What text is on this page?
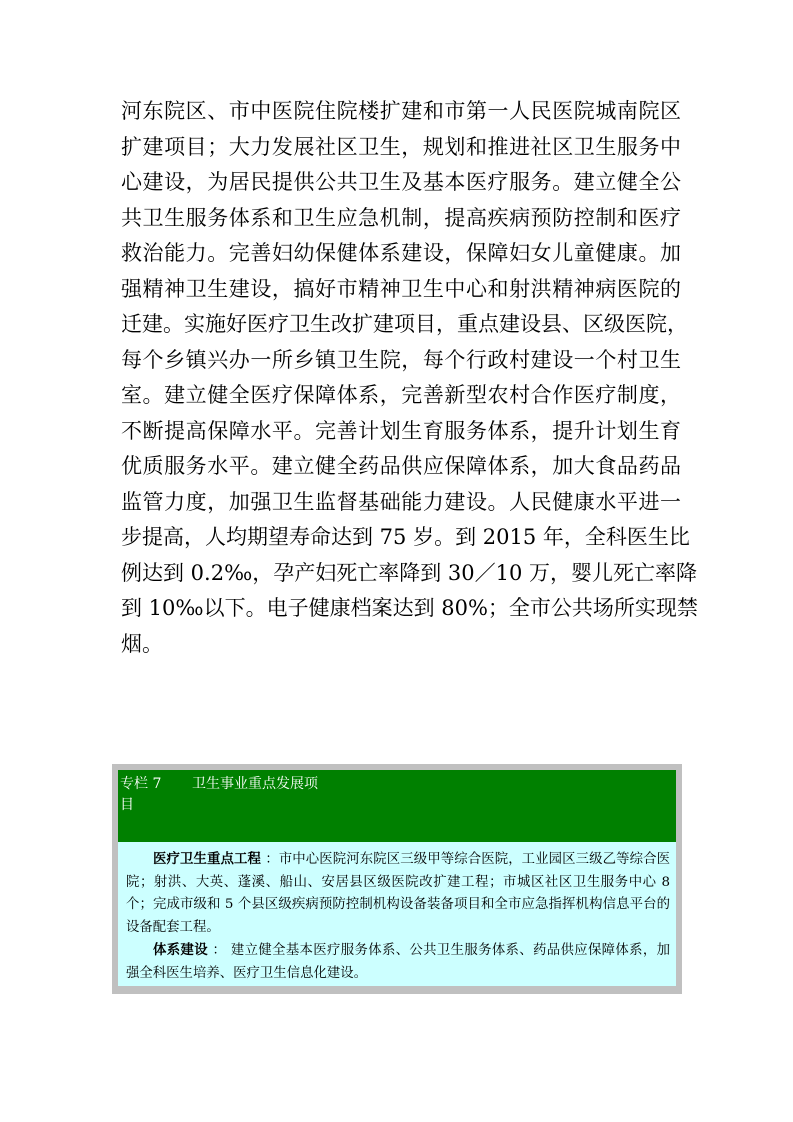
河东院区、市中医院住院楼扩建和市第一人民医院城南院区
扩建项目；大力发展社区卫生，规划和推进社区卫生服务中
心建设，为居民提供公共卫生及基本医疗服务。建立健全公
共卫生服务体系和卫生应急机制，提高疾病预防控制和医疗
救治能力。完善妇幼保健体系建设，保障妇女儿童健康。加
强精神卫生建设，搞好市精神卫生中心和射洪精神病医院的
迁建。实施好医疗卫生改扩建项目，重点建设县、区级医院，
每个乡镇兴办一所乡镇卫生院，每个行政村建设一个村卫生
室。建立健全医疗保障体系，完善新型农村合作医疗制度，
不断提高保障水平。完善计划生育服务体系，提升计划生育
优质服务水平。建立健全药品供应保障体系，加大食品药品
监管力度，加强卫生监督基础能力建设。人民健康水平进一
步提高，人均期望寿命达到 75 岁。到 2015 年，全科医生比
例达到 0.2‰，孕产妇死亡率降到 30／10 万，婴儿死亡率降
到 10‰以下。电子健康档案达到 80%；全市公共场所实现禁
烟。
专栏 7 卫生事业重点发展项
目

医疗卫生重点工程 ：市中心医院河东院区三级甲等综合医院，工业园区三级乙等综合医院；射洪、大英、蓬溪、船山、安居县区级医院改扩建工程；市城区社区卫生服务中心 8 个；完成市级和 5 个县区级疾病预防控制机构设备装备项目和全市应急指挥机构信息平台的设备配套工程。

体系建设 ： 建立健全基本医疗服务体系、公共卫生服务体系、药品供应保障体系，加强全科医生培养、医疗卫生信息化建设。
